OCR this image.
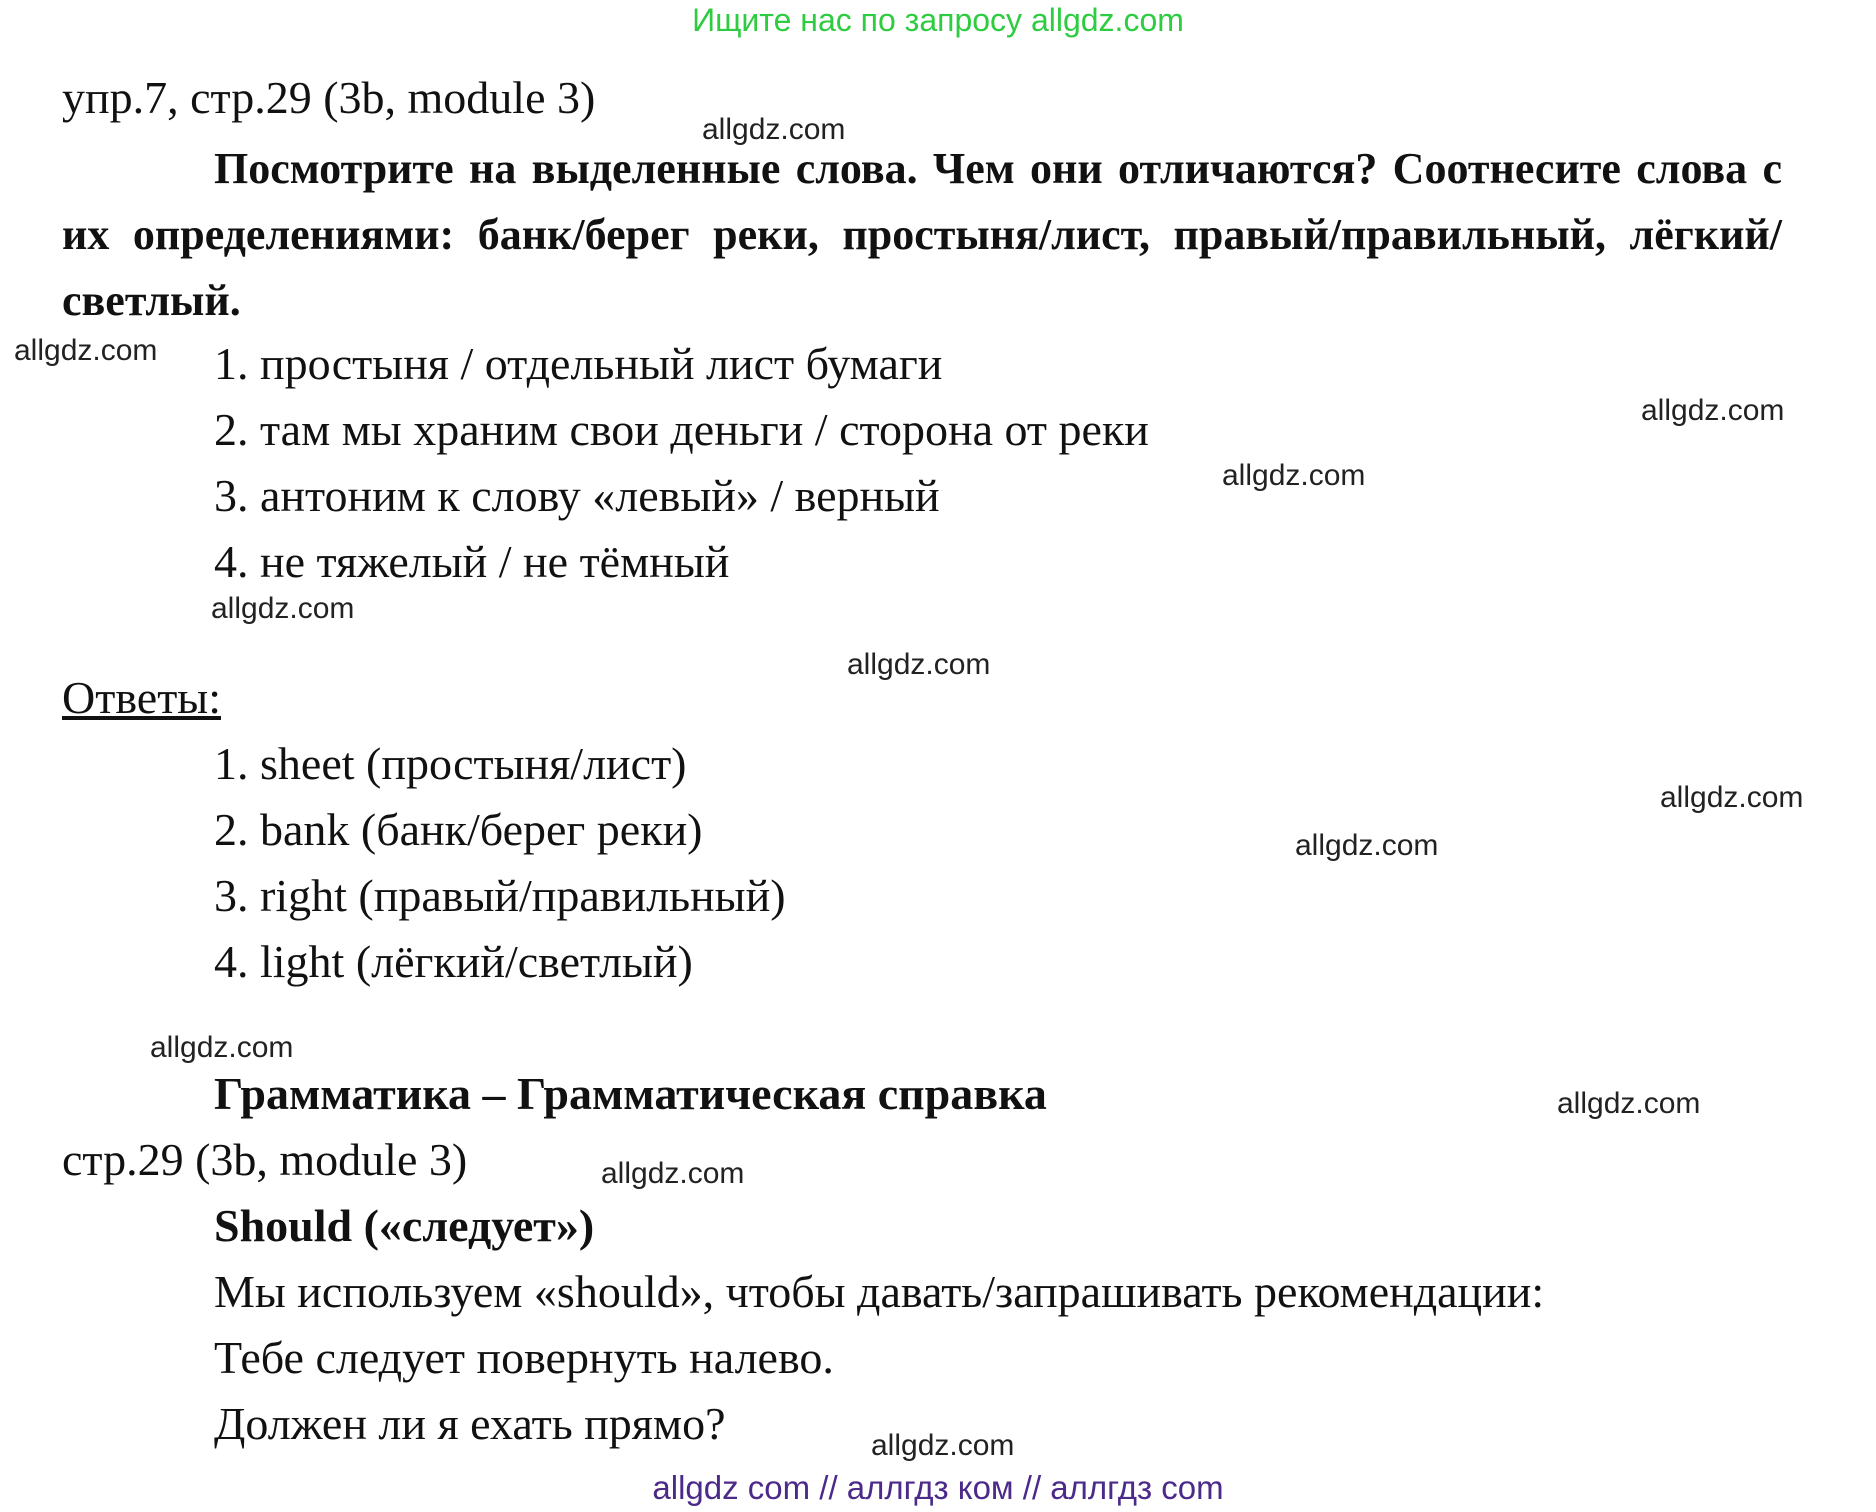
Ищите нас по запросу allgdz.com
упр.7, стр.29 (3b, module 3)
Посмотрите на выделенные слова. Чем они отличаются? Соотнесите слова с их определениями: банк/берег реки, простыня/лист, правый/правильный, лёгкий/светлый.
1. простыня / отдельный лист бумаги
2. там мы храним свои деньги / сторона от реки
3. антоним к слову «левый» / верный
4. не тяжелый / не тёмный
Ответы:
1. sheet (простыня/лист)
2. bank (банк/берег реки)
3. right (правый/правильный)
4. light (лёгкий/светлый)
Грамматика – Грамматическая справка
стр.29 (3b, module 3)
Should («следует»)
Мы используем «should», чтобы давать/запрашивать рекомендации:
Тебе следует повернуть налево.
Должен ли я ехать прямо?
allgdz.com
allgdz.com
allgdz.com
allgdz.com
allgdz.com
allgdz.com
allgdz.com
allgdz.com
allgdz.com
allgdz.com
allgdz.com
allgdz.com
allgdz com // аллгдз ком // аллгдз com
